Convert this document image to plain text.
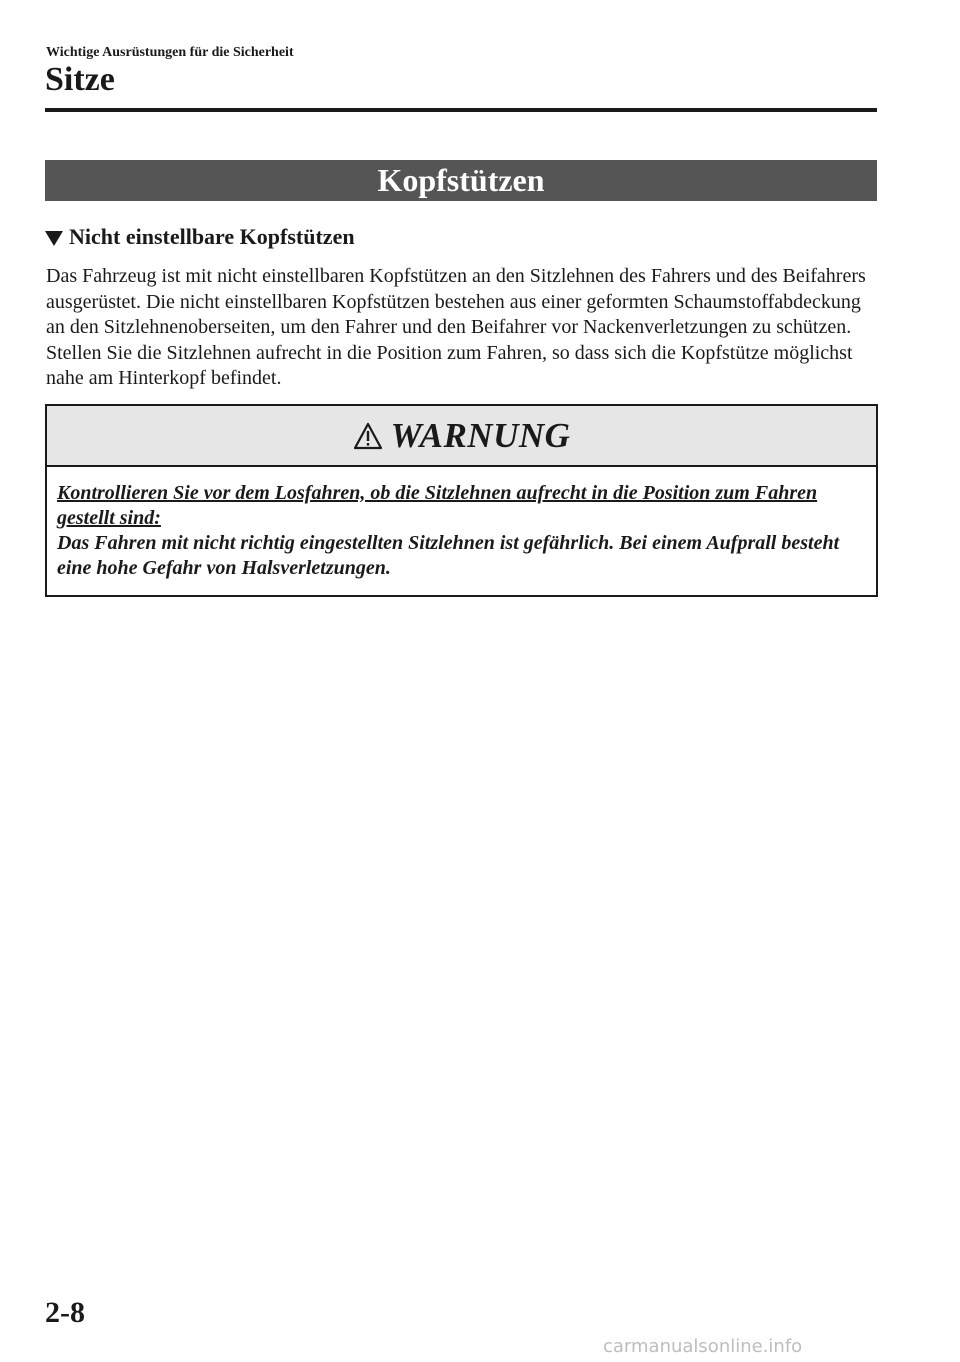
Wichtige Ausrüstungen für die Sicherheit

Sitze
Kopfstützen
Nicht einstellbare Kopfstützen

Das Fahrzeug ist mit nicht einstellbaren Kopfstützen an den Sitzlehnen des Fahrers und des Beifahrers ausgerüstet. Die nicht einstellbaren Kopfstützen bestehen aus einer geformten Schaumstoffabdeckung an den Sitzlehnenoberseiten, um den Fahrer und den Beifahrer vor Nackenverletzungen zu schützen. Stellen Sie die Sitzlehnen aufrecht in die Position zum Fahren, so dass sich die Kopfstütze möglichst nahe am Hinterkopf befindet.

WARNUNG
Kontrollieren Sie vor dem Losfahren, ob die Sitzlehnen aufrecht in die Position zum Fahren gestellt sind:
Das Fahren mit nicht richtig eingestellten Sitzlehnen ist gefährlich. Bei einem Aufprall besteht eine hohe Gefahr von Halsverletzungen.

2-8

carmanualsonline.info
